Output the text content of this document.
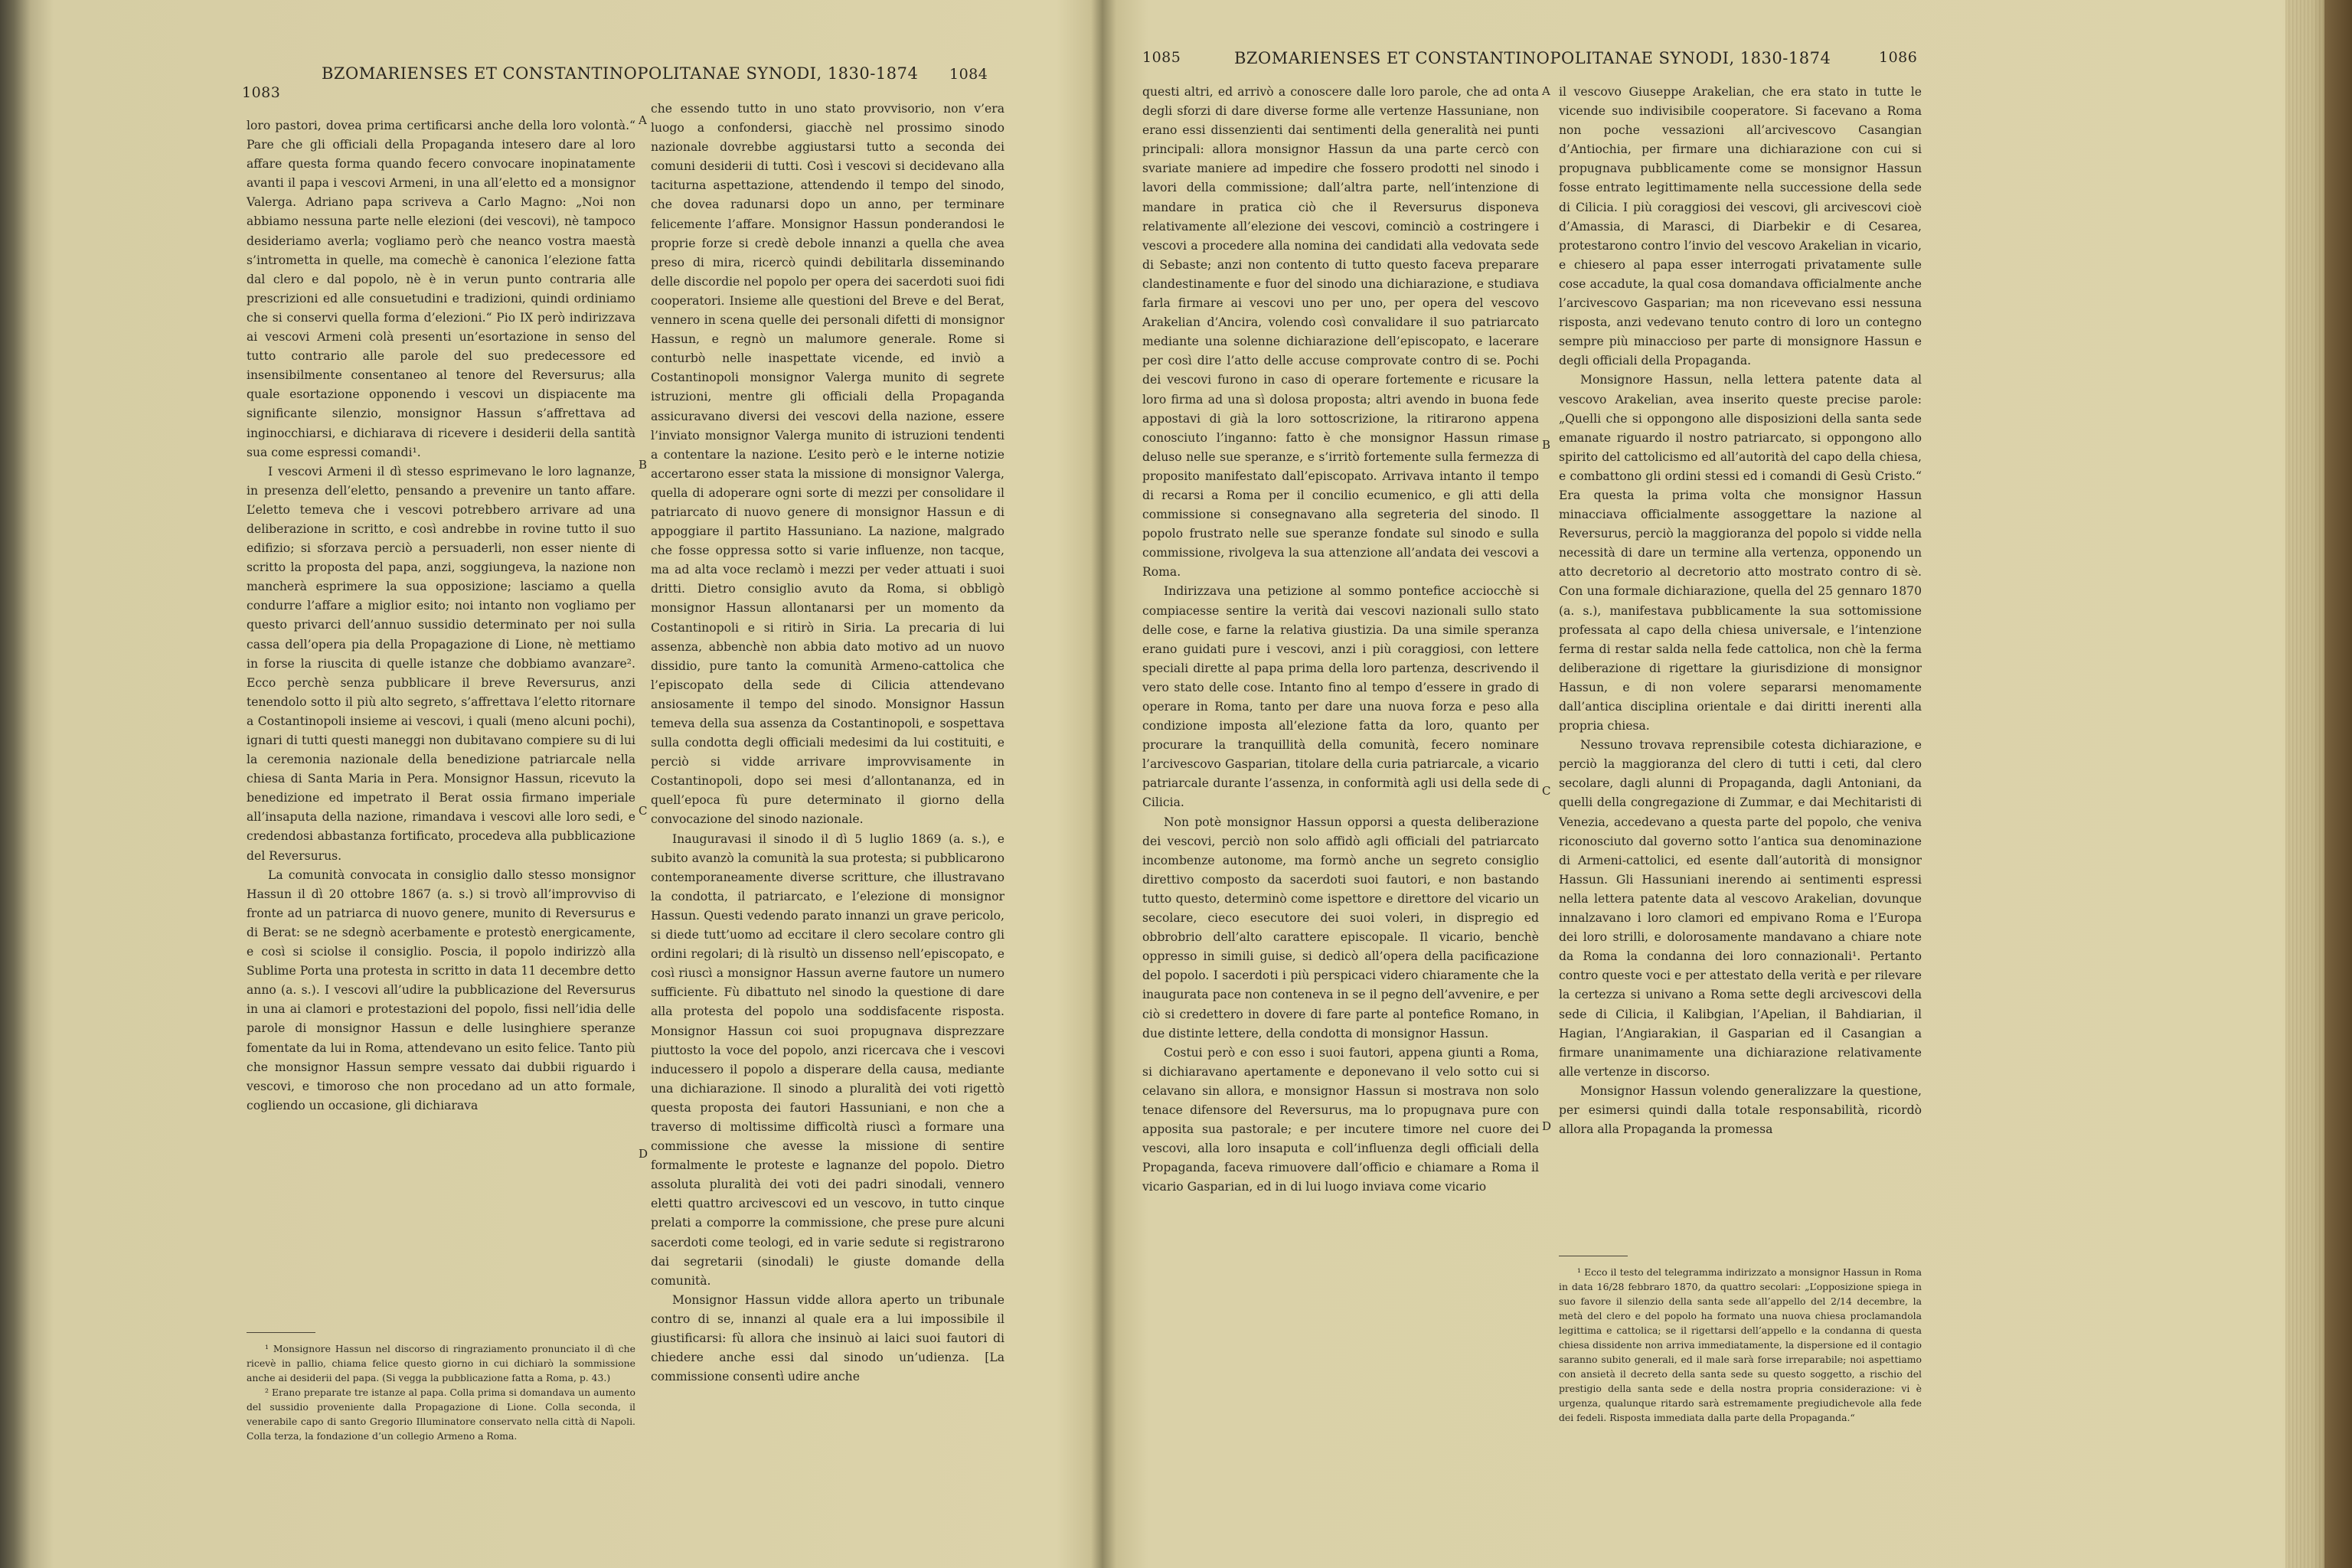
1083
BZOMARIENSES ET CONSTANTINOPOLITANAE SYNODI, 1830-1874 1084

loro pastori, dovea prima certificarsi anche della loro volontà.“ Pare che gli officiali della Propaganda intesero dare al loro affare questa forma quando fecero convocare inopinatamente avanti il papa i vescovi Armeni, in una all’eletto ed a monsignor Valerga. Adriano papa scriveva a Carlo Magno: „Noi non abbiamo nessuna parte nelle elezioni (dei vescovi), nè tampoco desideriamo averla; vogliamo però che neanco vostra maestà s’intrometta in quelle, ma comechè è canonica l’elezione fatta dal clero e dal popolo, nè è in verun punto contraria alle prescrizioni ed alle consuetudini e tradizioni, quindi ordiniamo che si conservi quella forma d’elezioni.“ Pio IX però indirizzava ai vescovi Armeni colà presenti un’esortazione in senso del tutto contrario alle parole del suo predecessore ed insensibilmente consentaneo al tenore del Reversurus; alla quale esortazione opponendo i vescovi un dispiacente ma significante silenzio, monsignor Hassun s’affrettava ad inginocchiarsi, e dichiarava di ricevere i desiderii della santità sua come espressi comandi¹.

I vescovi Armeni il dì stesso esprimevano le loro lagnanze, in presenza dell’eletto, pensando a prevenire un tanto affare. L’eletto temeva che i vescovi potrebbero arrivare ad una deliberazione in scritto, e così andrebbe in rovine tutto il suo edifizio; si sforzava perciò a persuaderli, non esser niente di scritto la proposta del papa, anzi, soggiungeva, la nazione non mancherà esprimere la sua opposizione; lasciamo a quella condurre l’affare a miglior esito; noi intanto non vogliamo per questo privarci dell’annuo sussidio determinato per noi sulla cassa dell’opera pia della Propagazione di Lione, nè mettiamo in forse la riuscita di quelle istanze che dobbiamo avanzare². Ecco perchè senza pubblicare il breve Reversurus, anzi tenendolo sotto il più alto segreto, s’affrettava l’eletto ritornare a Costantinopoli insieme ai vescovi, i quali (meno alcuni pochi), ignari di tutti questi maneggi non dubitavano compiere su di lui la ceremonia nazionale della benedizione patriarcale nella chiesa di Santa Maria in Pera. Monsignor Hassun, ricevuto la benedizione ed impetrato il Berat ossia firmano imperiale all’insaputa della nazione, rimandava i vescovi alle loro sedi, e credendosi abbastanza fortificato, procedeva alla pubblicazione del Reversurus.

La comunità convocata in consiglio dallo stesso monsignor Hassun il dì 20 ottobre 1867 (a. s.) si trovò all’improvviso di fronte ad un patriarca di nuovo genere, munito di Reversurus e di Berat: se ne sdegnò acerbamente e protestò energicamente, e così si sciolse il consiglio. Poscia, il popolo indirizzò alla Sublime Porta una protesta in scritto in data 11 decembre detto anno (a. s.). I vescovi all’udire la pubblicazione del Reversurus in una ai clamori e protestazioni del popolo, fissi nell’idia delle parole di monsignor Hassun e delle lusinghiere speranze fomentate da lui in Roma, attendevano un esito felice. Tanto più che monsignor Hassun sempre vessato dai dubbii riguardo i vescovi, e timoroso che non procedano ad un atto formale, cogliendo un occasione, gli dichiarava

¹ Monsignore Hassun nel discorso di ringraziamento pronunciato il dì che ricevè in pallio, chiama felice questo giorno in cui dichiarò la sommissione anche ai desiderii del papa. (Si vegga la pubblicazione fatta a Roma, p. 43.)

² Erano preparate tre istanze al papa. Colla prima si domandava un aumento del sussidio proveniente dalla Propagazione di Lione. Colla seconda, il venerabile capo di santo Gregorio Illuminatore conservato nella città di Napoli. Colla terza, la fondazione d’un collegio Armeno a Roma.

A
B
C
D

che essendo tutto in uno stato provvisorio, non v’era luogo a confondersi, giacchè nel prossimo sinodo nazionale dovrebbe aggiustarsi tutto a seconda dei comuni desiderii di tutti. Così i vescovi si decidevano alla taciturna aspettazione, attendendo il tempo del sinodo, che dovea radunarsi dopo un anno, per terminare felicemente l’affare. Monsignor Hassun ponderandosi le proprie forze si credè debole innanzi a quella che avea preso di mira, ricercò quindi debilitarla disseminando delle discordie nel popolo per opera dei sacerdoti suoi fidi cooperatori. Insieme alle questioni del Breve e del Berat, vennero in scena quelle dei personali difetti di monsignor Hassun, e regnò un malumore generale. Rome si conturbò nelle inaspettate vicende, ed inviò a Costantinopoli monsignor Valerga munito di segrete istruzioni, mentre gli officiali della Propaganda assicuravano diversi dei vescovi della nazione, essere l’inviato monsignor Valerga munito di istruzioni tendenti a contentare la nazione. L’esito però e le interne notizie accertarono esser stata la missione di monsignor Valerga, quella di adoperare ogni sorte di mezzi per consolidare il patriarcato di nuovo genere di monsignor Hassun e di appoggiare il partito Hassuniano. La nazione, malgrado che fosse oppressa sotto si varie influenze, non tacque, ma ad alta voce reclamò i mezzi per veder attuati i suoi dritti. Dietro consiglio avuto da Roma, si obbligò monsignor Hassun allontanarsi per un momento da Costantinopoli e si ritirò in Siria. La precaria di lui assenza, abbenchè non abbia dato motivo ad un nuovo dissidio, pure tanto la comunità Armeno-cattolica che l’episcopato della sede di Cilicia attendevano ansiosamente il tempo del sinodo. Monsignor Hassun temeva della sua assenza da Costantinopoli, e sospettava sulla condotta degli officiali medesimi da lui costituiti, e perciò si vidde arrivare improvvisamente in Costantinopoli, dopo sei mesi d’allontananza, ed in quell’epoca fù pure determinato il giorno della convocazione del sinodo nazionale.

Inauguravasi il sinodo il dì 5 luglio 1869 (a. s.), e subito avanzò la comunità la sua protesta; si pubblicarono contemporaneamente diverse scritture, che illustravano la condotta, il patriarcato, e l’elezione di monsignor Hassun. Questi vedendo parato innanzi un grave pericolo, si diede tutt’uomo ad eccitare il clero secolare contro gli ordini regolari; di là risultò un dissenso nell’episcopato, e così riuscì a monsignor Hassun averne fautore un numero sufficiente. Fù dibattuto nel sinodo la questione di dare alla protesta del popolo una soddisfacente risposta. Monsignor Hassun coi suoi propugnava disprezzare piuttosto la voce del popolo, anzi ricercava che i vescovi inducessero il popolo a disperare della causa, mediante una dichiarazione. Il sinodo a pluralità dei voti rigettò questa proposta dei fautori Hassuniani, e non che a traverso di moltissime difficoltà riuscì a formare una commissione che avesse la missione di sentire formalmente le proteste e lagnanze del popolo. Dietro assoluta pluralità dei voti dei padri sinodali, vennero eletti quattro arcivescovi ed un vescovo, in tutto cinque prelati a comporre la commissione, che prese pure alcuni sacerdoti come teologi, ed in varie sedute si registrarono dai segretarii (sinodali) le giuste domande della comunità.

Monsignor Hassun vidde allora aperto un tribunale contro di se, innanzi al quale era a lui impossibile il giustificarsi: fù allora che insinuò ai laici suoi fautori di chiedere anche essi dal sinodo un’udienza. [La commissione consentì udire anche

1085	BZOMARIENSES ET CONSTANTINOPOLITANAE SYNODI, 1830-1874	1086

questi altri, ed arrivò a conoscere dalle loro parole, che ad onta degli sforzi di dare diverse forme alle vertenze Hassuniane, non erano essi dissenzienti dai sentimenti della generalità nei punti principali: allora monsignor Hassun da una parte cercò con svariate maniere ad impedire che fossero prodotti nel sinodo i lavori della commissione; dall’altra parte, nell’intenzione di mandare in pratica ciò che il Reversurus disponeva relativamente all’elezione dei vescovi, cominciò a costringere i vescovi a procedere alla nomina dei candidati alla vedovata sede di Sebaste; anzi non contento di tutto questo faceva preparare clandestinamente e fuor del sinodo una dichiarazione, e studiava farla firmare ai vescovi uno per uno, per opera del vescovo Arakelian d’Ancira, volendo così convalidare il suo patriarcato mediante una solenne dichiarazione dell’episcopato, e lacerare per così dire l’atto delle accuse comprovate contro di se. Pochi dei vescovi furono in caso di operare fortemente e ricusare la loro firma ad una sì dolosa proposta; altri avendo in buona fede appostavi di già la loro sottoscrizione, la ritirarono appena conosciuto l’inganno: fatto è che monsignor Hassun rimase deluso nelle sue speranze, e s’irritò fortemente sulla fermezza di proposito manifestato dall’episcopato. Arrivava intanto il tempo di recarsi a Roma per il concilio ecumenico, e gli atti della commissione si consegnavano alla segreteria del sinodo. Il popolo frustrato nelle sue speranze fondate sul sinodo e sulla commissione, rivolgeva la sua attenzione all’andata dei vescovi a Roma.

Indirizzava una petizione al sommo pontefice acciocchè si compiacesse sentire la verità dai vescovi nazionali sullo stato delle cose, e farne la relativa giustizia. Da una simile speranza erano guidati pure i vescovi, anzi i più coraggiosi, con lettere speciali dirette al papa prima della loro partenza, descrivendo il vero stato delle cose. Intanto fino al tempo d’essere in grado di operare in Roma, tanto per dare una nuova forza e peso alla condizione imposta all’elezione fatta da loro, quanto per procurare la tranquillità della comunità, fecero nominare l’arcivescovo Gasparian, titolare della curia patriarcale, a vicario patriarcale durante l’assenza, in conformità agli usi della sede di Cilicia.

Non potè monsignor Hassun opporsi a questa deliberazione dei vescovi, perciò non solo affidò agli officiali del patriarcato incombenze autonome, ma formò anche un segreto consiglio direttivo composto da sacerdoti suoi fautori, e non bastando tutto questo, determinò come ispettore e direttore del vicario un secolare, cieco esecutore dei suoi voleri, in dispregio ed obbrobrio dell’alto carattere episcopale. Il vicario, benchè oppresso in simili guise, si dedicò all’opera della pacificazione del popolo. I sacerdoti i più perspicaci videro chiaramente che la inaugurata pace non conteneva in se il pegno dell’avvenire, e per ciò si credettero in dovere di fare parte al pontefice Romano, in due distinte lettere, della condotta di monsignor Hassun.

Costui però e con esso i suoi fautori, appena giunti a Roma, si dichiaravano apertamente e deponevano il velo sotto cui si celavano sin allora, e monsignor Hassun si mostrava non solo tenace difensore del Reversurus, ma lo propugnava pure con apposita sua pastorale; e per incutere timore nel cuore dei vescovi, alla loro insaputa e coll’influenza degli officiali della Propaganda, faceva rimuovere dall’officio e chiamare a Roma il vicario Gasparian, ed in di lui luogo inviava come vicario

A
B
C
D

il vescovo Giuseppe Arakelian, che era stato in tutte le vicende suo indivisibile cooperatore. Si facevano a Roma non poche vessazioni all’arcivescovo Casangian d’Antiochia, per firmare una dichiarazione con cui si propugnava pubblicamente come se monsignor Hassun fosse entrato legittimamente nella successione della sede di Cilicia. I più coraggiosi dei vescovi, gli arcivescovi cioè d’Amassia, di Marasci, di Diarbekir e di Cesarea, protestarono contro l’invio del vescovo Arakelian in vicario, e chiesero al papa esser interrogati privatamente sulle cose accadute, la qual cosa domandava officialmente anche l’arcivescovo Gasparian; ma non ricevevano essi nessuna risposta, anzi vedevano tenuto contro di loro un contegno sempre più minaccioso per parte di monsignore Hassun e degli officiali della Propaganda.

Monsignore Hassun, nella lettera patente data al vescovo Arakelian, avea inserito queste precise parole: „Quelli che si oppongono alle disposizioni della santa sede emanate riguardo il nostro patriarcato, si oppongono allo spirito del cattolicismo ed all’autorità del capo della chiesa, e combattono gli ordini stessi ed i comandi di Gesù Cristo.“ Era questa la prima volta che monsignor Hassun minacciava officialmente assoggettare la nazione al Reversurus, perciò la maggioranza del popolo si vidde nella necessità di dare un termine alla vertenza, opponendo un atto decretorio al decretorio atto mostrato contro di sè. Con una formale dichiarazione, quella del 25 gennaro 1870 (a. s.), manifestava pubblicamente la sua sottomissione professata al capo della chiesa universale, e l’intenzione ferma di restar salda nella fede cattolica, non chè la ferma deliberazione di rigettare la giurisdizione di monsignor Hassun, e di non volere separarsi menomamente dall’antica disciplina orientale e dai diritti inerenti alla propria chiesa.

Nessuno trovava reprensibile cotesta dichiarazione, e perciò la maggioranza del clero di tutti i ceti, dal clero secolare, dagli alunni di Propaganda, dagli Antoniani, da quelli della congregazione di Zummar, e dai Mechitaristi di Venezia, accedevano a questa parte del popolo, che veniva riconosciuto dal governo sotto l’antica sua denominazione di Armeni-cattolici, ed esente dall’autorità di monsignor Hassun. Gli Hassuniani inerendo ai sentimenti espressi nella lettera patente data al vescovo Arakelian, dovunque innalzavano i loro clamori ed empivano Roma e l’Europa dei loro strilli, e dolorosamente mandavano a chiare note da Roma la condanna dei loro connazionali¹. Pertanto contro queste voci e per attestato della verità e per rilevare la certezza si univano a Roma sette degli arcivescovi della sede di Cilicia, il Kalibgian, l’Apelian, il Bahdiarian, il Hagian, l’Angiarakian, il Gasparian ed il Casangian a firmare unanimamente una dichiarazione relativamente alle vertenze in discorso.

Monsignor Hassun volendo generalizzare la questione, per esimersi quindi dalla totale responsabilità, ricordò allora alla Propaganda la promessa

¹ Ecco il testo del telegramma indirizzato a monsignor Hassun in Roma in data 16/28 febbraro 1870, da quattro secolari: „L’opposizione spiega in suo favore il silenzio della santa sede all’appello del 2/14 decembre, la metà del clero e del popolo ha formato una nuova chiesa proclamandola legittima e cattolica; se il rigettarsi dell’appello e la condanna di questa chiesa dissidente non arriva immediatamente, la dispersione ed il contagio saranno subito generali, ed il male sarà forse irreparabile; noi aspettiamo con ansietà il decreto della santa sede su questo soggetto, a rischio del prestigio della santa sede e della nostra propria considerazione: vi è urgenza, qualunque ritardo sarà estremamente pregiudichevole alla fede dei fedeli. Risposta immediata dalla parte della Propaganda.“
